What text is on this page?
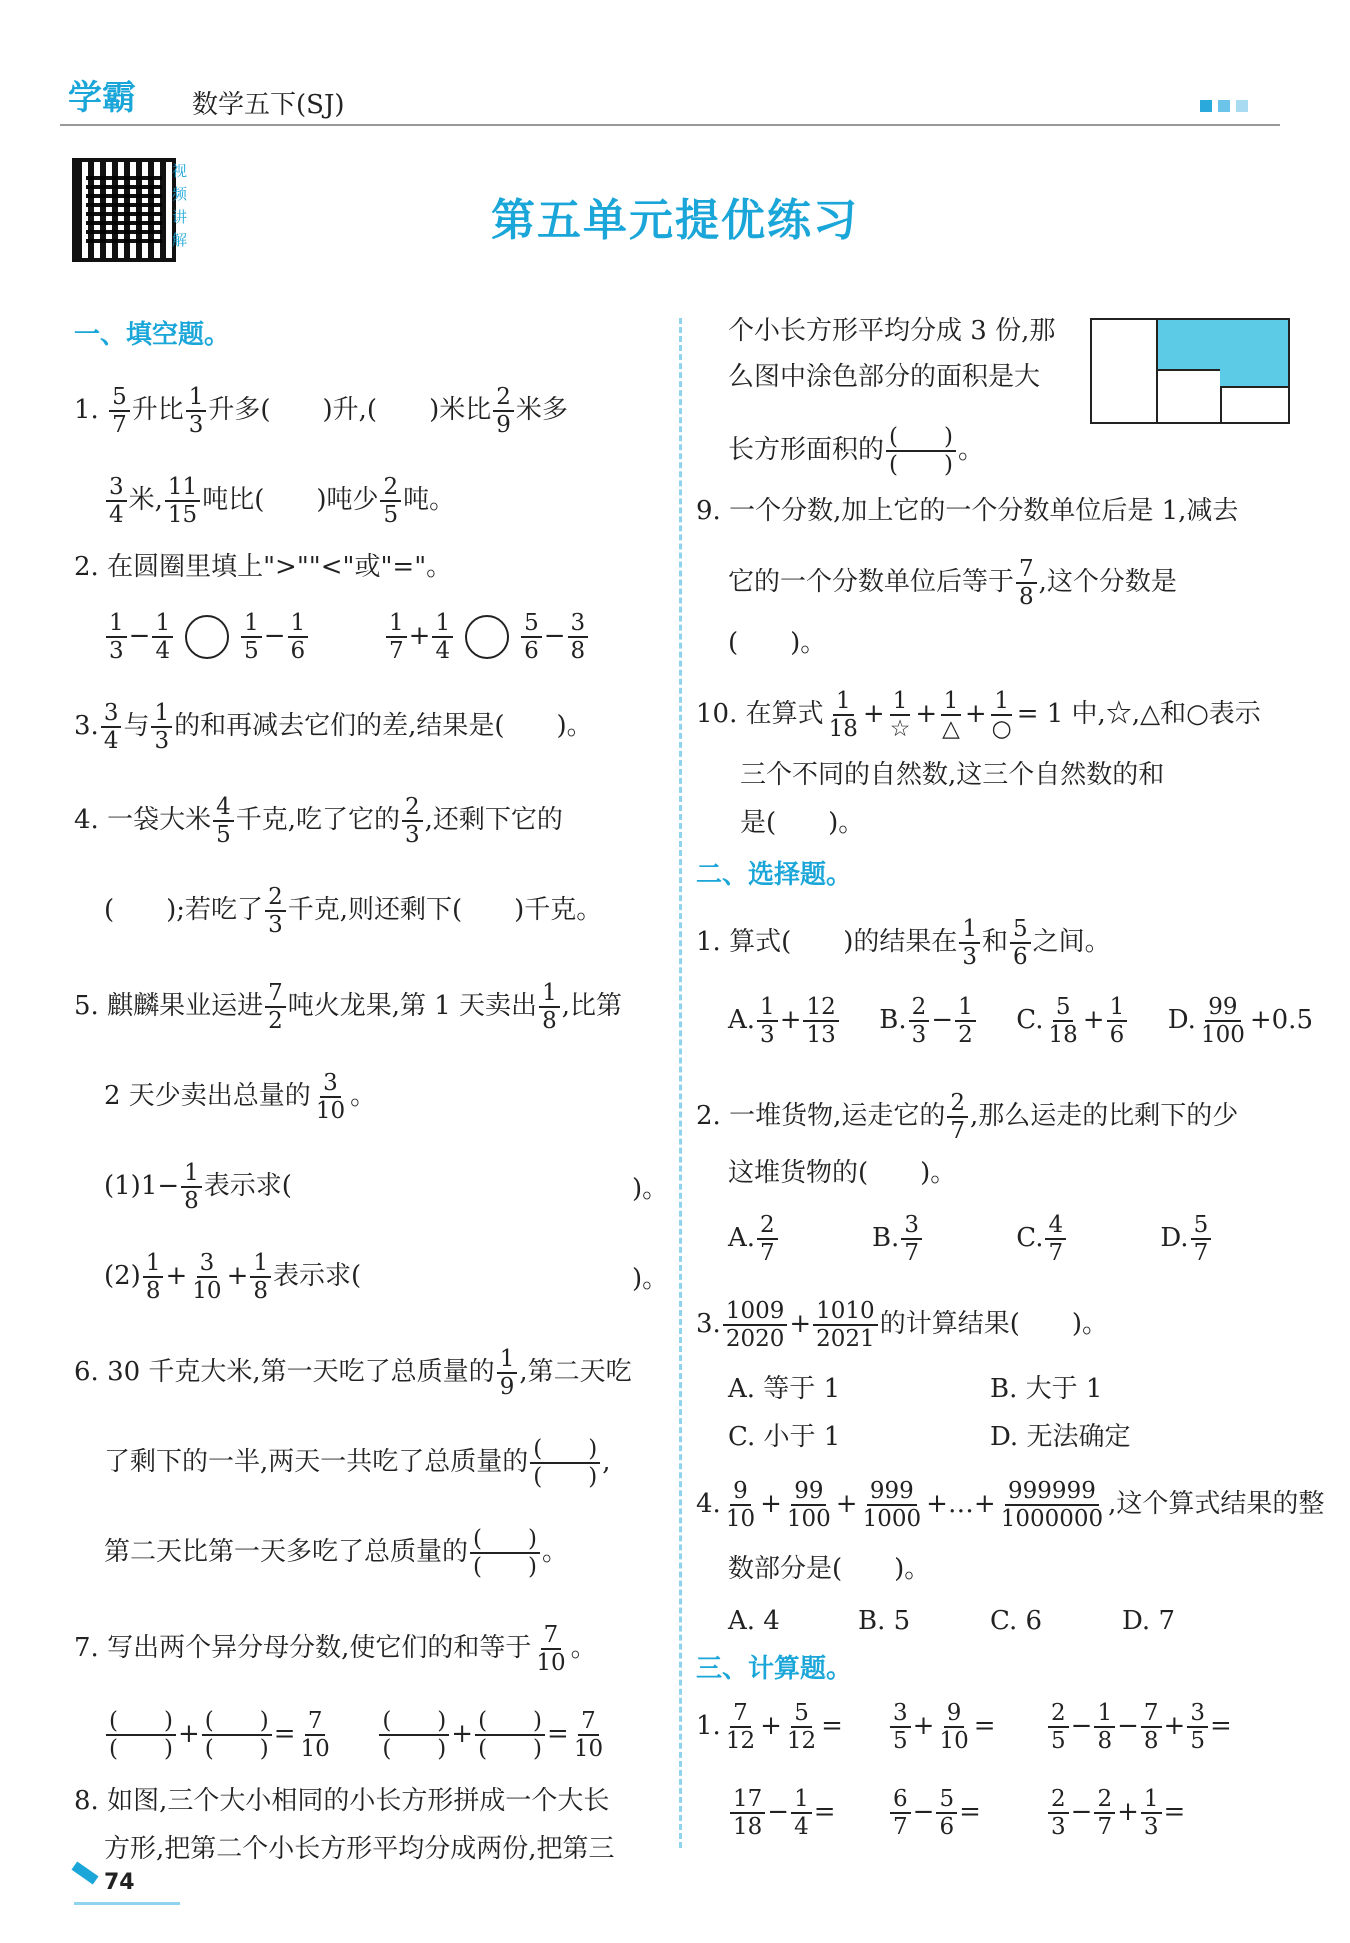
学霸 数学五下(SJ)
视频讲解	第五单元提优练习
一、填空题。
1. $\frac{5}{7}$ 升比 $\frac{1}{3}$ 升多(　　)升,(　　)米比 $\frac{2}{9}$ 米多
$\frac{3}{4}$ 米, $\frac{11}{15}$ 吨比(　　)吨少 $\frac{2}{5}$ 吨。
2. 在圆圈里填上">""<"或"="。
$\frac{1}{3} - \frac{1}{4}$	$\frac{1}{5} - \frac{1}{6}$	$\frac{1}{7} + \frac{1}{4}$	$\frac{5}{6} - \frac{3}{8}$
3. $\frac{3}{4}$ 与 $\frac{1}{3}$ 的和再减去它们的差,结果是(　　)。
4. 一袋大米 $\frac{4}{5}$ 千克,吃了它的 $\frac{2}{3}$ ,还剩下它的
(　　);若吃了 $\frac{2}{3}$ 千克,则还剩下(　　)千克。
5. 麒麟果业运进 $\frac{7}{2}$ 吨火龙果,第 1 天卖出 $\frac{1}{8}$ ,比第
2 天少卖出总量的 $\frac{3}{10}$ 。
$(1)1- \frac{1}{8}$ 表示求(	)。
$(2) \frac{1}{8} + \frac{3}{10} + \frac{1}{8}$ 表示求(	)。
6. 30 千克大米,第一天吃了总质量的 $\frac{1}{9}$ ,第二天吃
了剩下的一半,两天一共吃了总质量的 $\frac{( )}{( )}$ ,
第二天比第一天多吃了总质量的 $\frac{( )}{( )}$ 。
7. 写出两个异分母分数,使它们的和等于 $\frac{7}{10}$ 。
$\frac{( )}{( )} + \frac{( )}{( )} = \frac{7}{10}$
$\frac{( )}{( )} + \frac{( )}{( )} = \frac{7}{10}$
8. 如图,三个大小相同的小长方形拼成一个大长
方形,把第二个小长方形平均分成两份,把第三
74
个小长方形平均分成 3 份,那
么图中涂色部分的面积是大
长方形面积的 $\frac{( )}{( )}$ 。
9. 一个分数,加上它的一个分数单位后是 1,减去
它的一个分数单位后等于 $\frac{7}{8}$ ,这个分数是
(　　)。
10. 在算式 $\frac{1}{18} + \frac{1}{☆} + \frac{1}{\triangle} + \frac{1}{○} = 1$ 中,☆,△和○表示
三个不同的自然数,这三个自然数的和
是(　　)。
二、选择题。
1. 算式(　　)的结果在 $\frac{1}{3}$ 和 $\frac{5}{6}$ 之间。
A. $\frac{1}{3} + \frac{12}{13} B$. $\frac{2}{3} - \frac{1}{2} C$. $\frac{5}{18} + \frac{1}{6} D$. $\frac{99}{100} +0.5$
2. 一堆货物,运走它的 $\frac{2}{7}$ ,那么运走的比剩下的少
这堆货物的(　　)。
A. $\frac{2}{7}$	B. $\frac{3}{7}$	C. $\frac{4}{7}$	D. $\frac{5}{7}$
3. $\frac{1009}{2020} + \frac{1010}{2021}$ 的计算结果(　　)。
A. 等于 1	B. 大于 1
C. 小于 1	D. 无法确定
4. $\frac{9}{10} + \frac{99}{100} + \frac{999}{1000}$ +…+ $\frac{999999}{1000000}$ ,这个算式结果的整
数部分是(　　)。
A. 4	B. 5	C. 6	D. 7
三、计算题。
1. $\frac{7}{12} + \frac{5}{12} = \frac{3}{5} + \frac{9}{10} = \frac{2}{5} - \frac{1}{8} - \frac{7}{8} + \frac{3}{5}$ =
$\frac{17}{18} - \frac{1}{4} = \frac{6}{7} - \frac{5}{6}$ =	$\frac{2}{3} - \frac{2}{7} + \frac{1}{3}$ =
